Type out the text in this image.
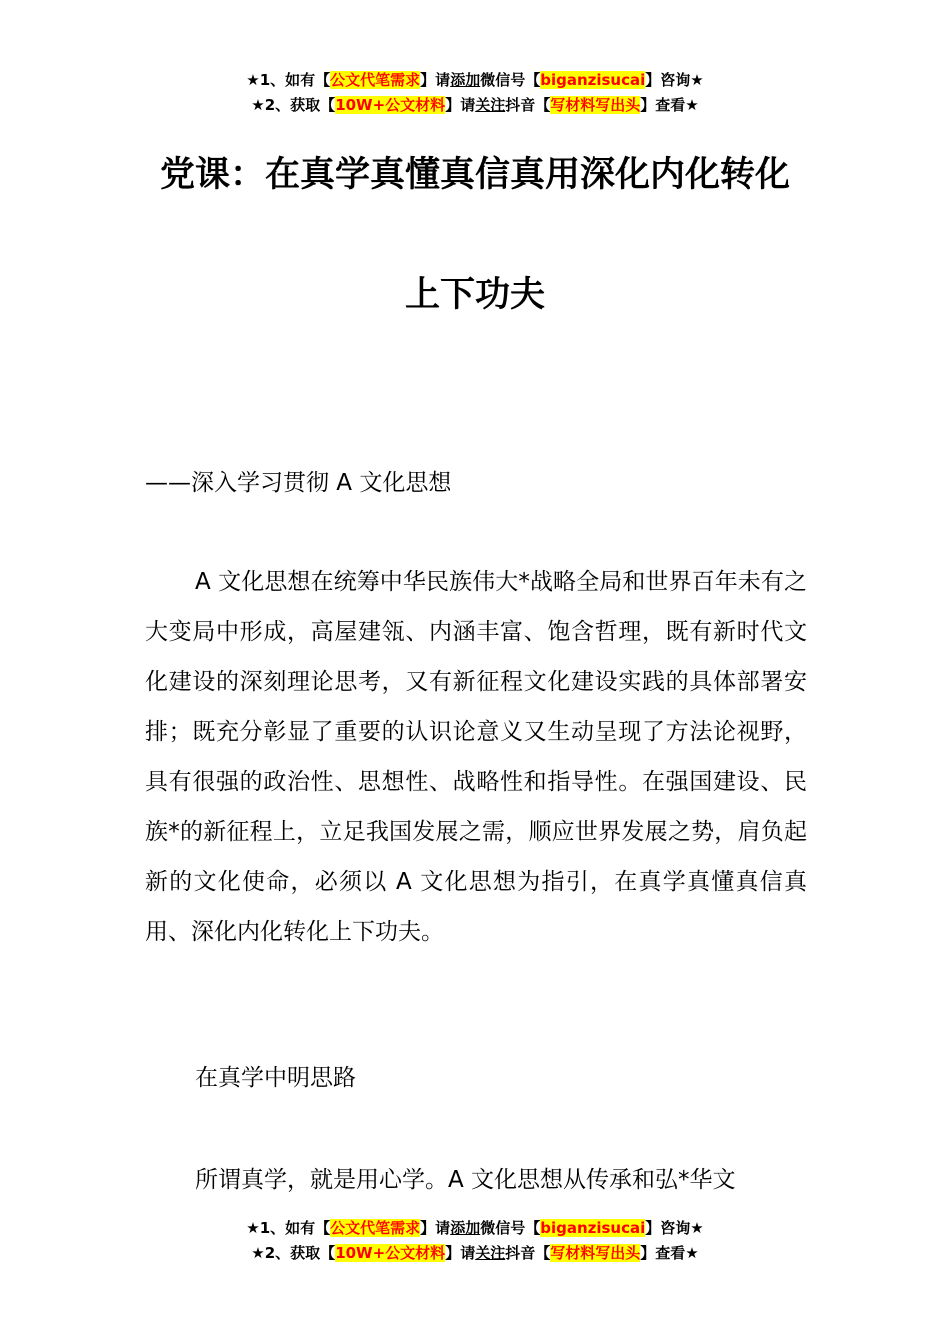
★1、如有【公文代笔需求】请添加微信号【biganzisucai】咨询★
★2、获取【10W+公文材料】请关注抖音【写材料写出头】查看★
党课：在真学真懂真信真用深化内化转化
上下功夫
——深入学习贯彻 A 文化思想
A 文化思想在统筹中华民族伟大*战略全局和世界百年未有之大变局中形成，高屋建瓴、内涵丰富、饱含哲理，既有新时代文化建设的深刻理论思考，又有新征程文化建设实践的具体部署安排；既充分彰显了重要的认识论意义又生动呈现了方法论视野，具有很强的政治性、思想性、战略性和指导性。在强国建设、民族*的新征程上，立足我国发展之需，顺应世界发展之势，肩负起新的文化使命，必须以 A 文化思想为指引，在真学真懂真信真用、深化内化转化上下功夫。
在真学中明思路
所谓真学，就是用心学。A 文化思想从传承和弘*华文
★1、如有【公文代笔需求】请添加微信号【biganzisucai】咨询★
★2、获取【10W+公文材料】请关注抖音【写材料写出头】查看★
